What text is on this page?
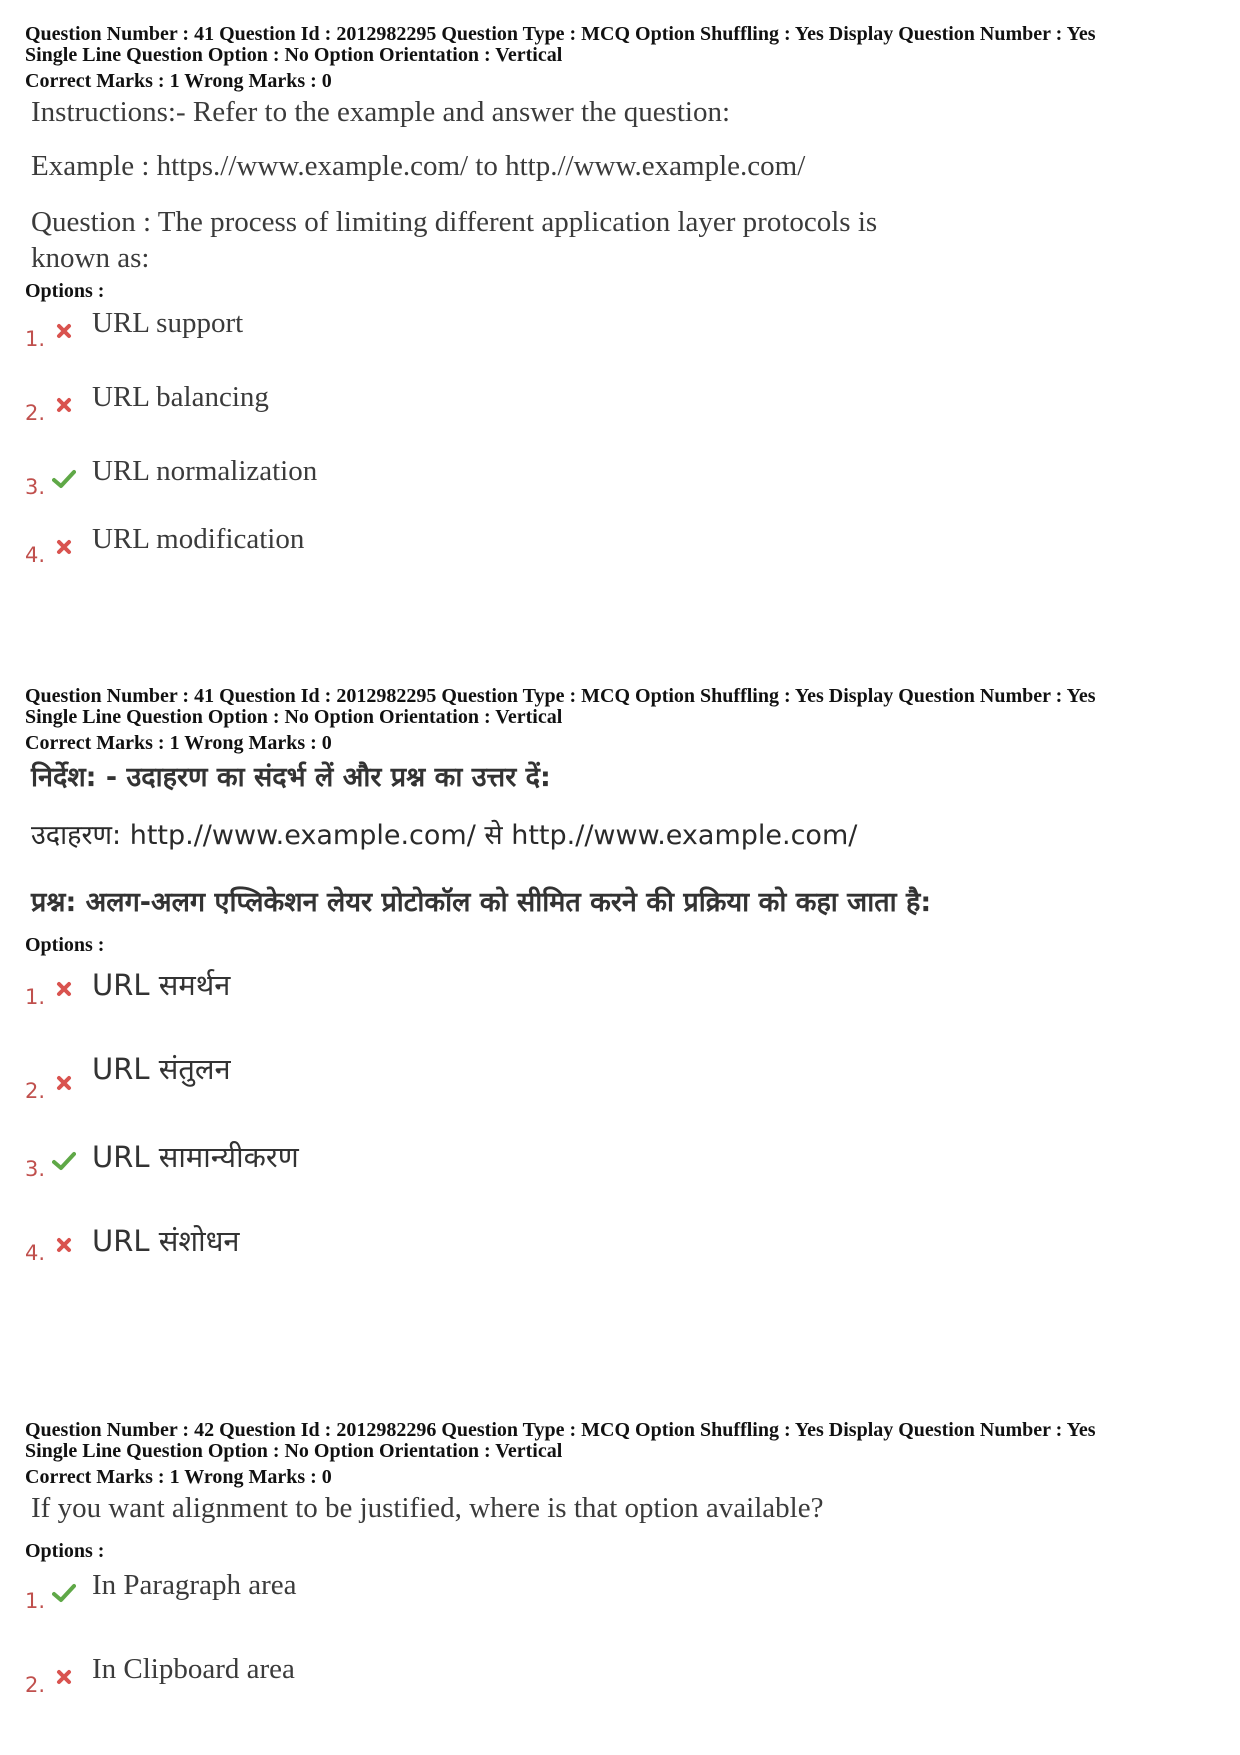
Question Number : 41 Question Id : 2012982295 Question Type : MCQ Option Shuffling : Yes Display Question Number : Yes

Single Line Question Option : No Option Orientation : Vertical

Correct Marks : 1 Wrong Marks : 0

Instructions:- Refer to the example and answer the question:

Example : https.//www.example.com/ to http.//www.example.com/

Question : The process of limiting different application layer protocols is known as:

Options :

1. URL support
2. URL balancing
3. URL normalization
4. URL modification

Question Number : 41 Question Id : 2012982295 Question Type : MCQ Option Shuffling : Yes Display Question Number : Yes

Single Line Question Option : No Option Orientation : Vertical

Correct Marks : 1 Wrong Marks : 0

निर्देश: - उदाहरण का संदर्भ लें और प्रश्न का उत्तर दें:

उदाहरण: http.//www.example.com/ से http.//www.example.com/

प्रश्न: अलग-अलग एप्लिकेशन लेयर प्रोटोकॉल को सीमित करने की प्रक्रिया को कहा जाता है:

Options :

1. URL समर्थन
2.
URL संतुलन
3. URL सामान्यीकरण
4. URL संशोधन

Question Number : 42 Question Id : 2012982296 Question Type : MCQ Option Shuffling : Yes Display Question Number : Yes

Single Line Question Option : No Option Orientation : Vertical

Correct Marks : 1 Wrong Marks : 0

If you want alignment to be justified, where is that option available?

Options :

1. In Paragraph area
2. In Clipboard area
